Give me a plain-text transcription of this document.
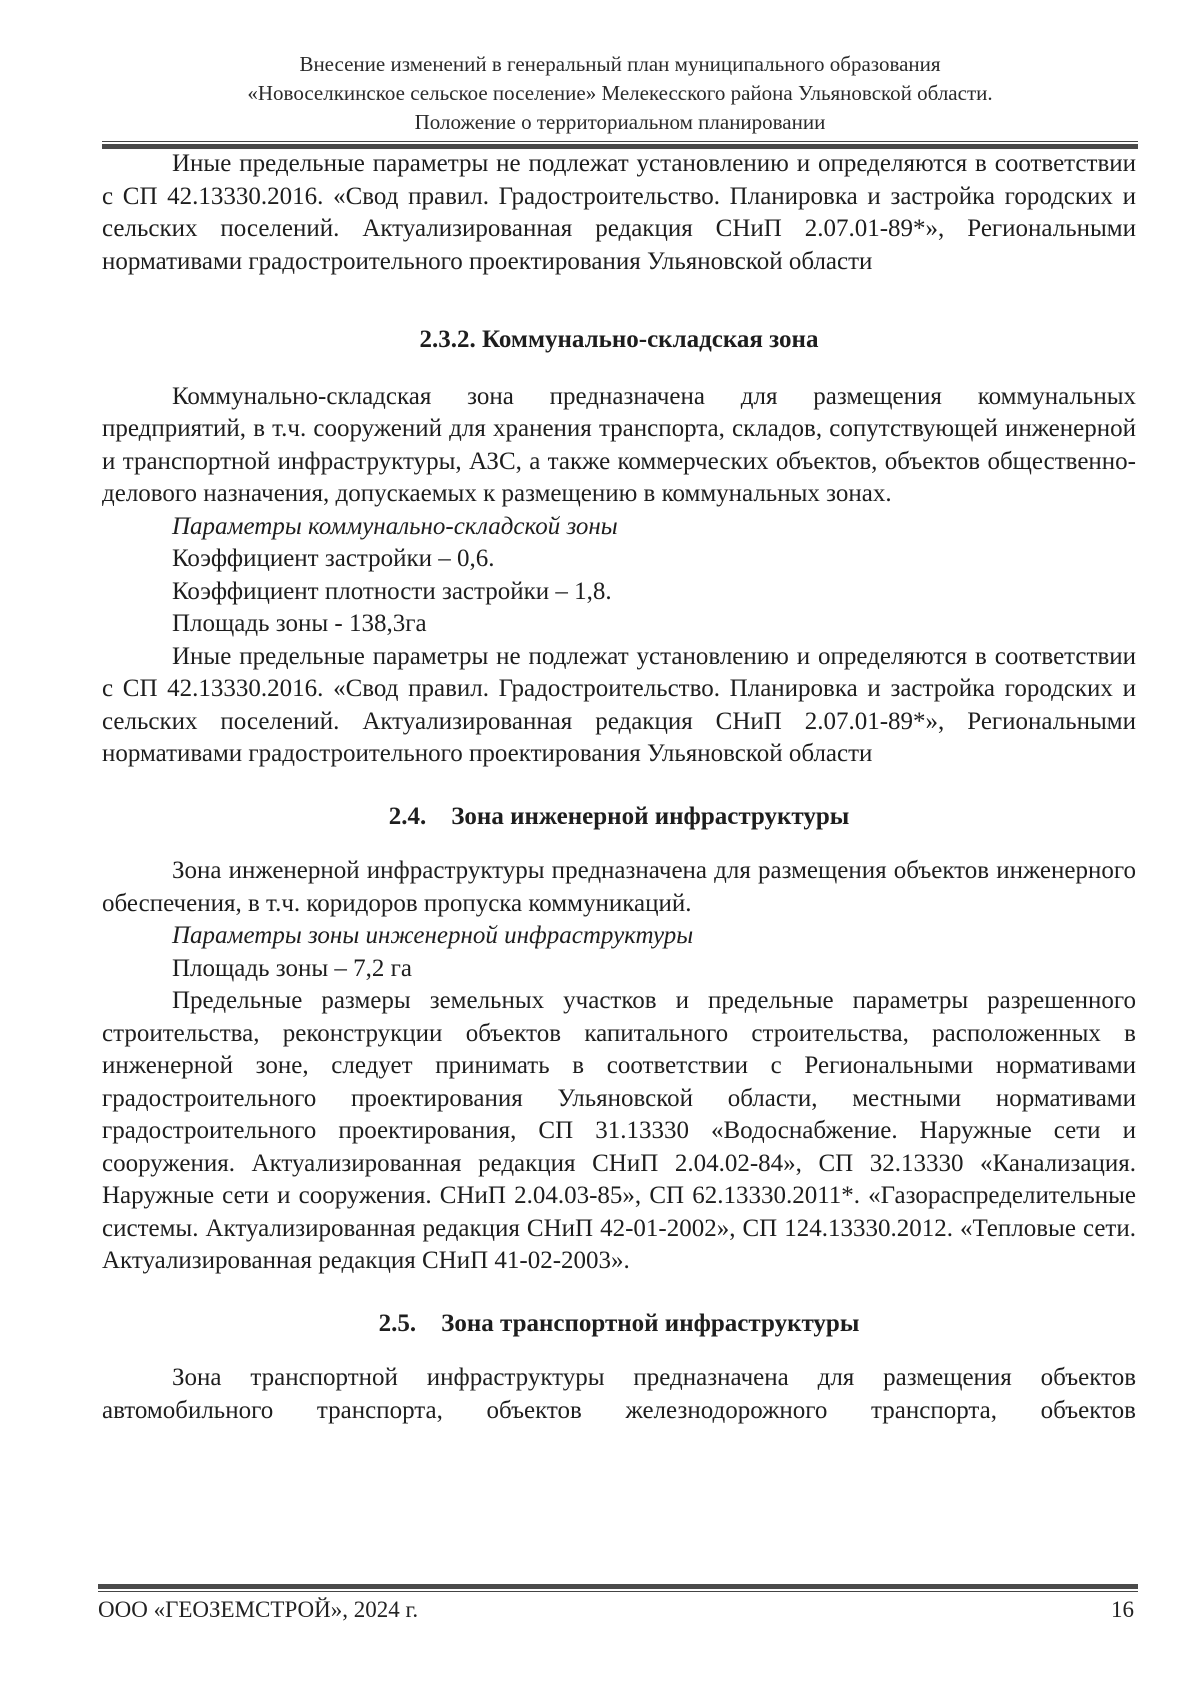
Внесение изменений в генеральный план муниципального образования
«Новоселкинское сельское поселение» Мелекесского района Ульяновской области.
Положение о территориальном планировании

Иные предельные параметры не подлежат установлению и определяются в соответствии с СП 42.13330.2016. «Свод правил. Градостроительство. Планировка и застройка городских и сельских поселений. Актуализированная редакция СНиП 2.07.01-89*», Региональными нормативами градостроительного проектирования Ульяновской области

2.3.2. Коммунально-складская зона

Коммунально-складская зона предназначена для размещения коммунальных предприятий, в т.ч. сооружений для хранения транспорта, складов, сопутствующей инженерной и транспортной инфраструктуры, АЗС, а также коммерческих объектов, объектов общественно-делового назначения, допускаемых к размещению в коммунальных зонах.

Параметры коммунально-складской зоны

Коэффициент застройки – 0,6.

Коэффициент плотности застройки – 1,8.

Площадь зоны - 138,3га

Иные предельные параметры не подлежат установлению и определяются в соответствии с СП 42.13330.2016. «Свод правил. Градостроительство. Планировка и застройка городских и сельских поселений. Актуализированная редакция СНиП 2.07.01-89*», Региональными нормативами градостроительного проектирования Ульяновской области

2.4.    Зона инженерной инфраструктуры

Зона инженерной инфраструктуры предназначена для размещения объектов инженерного обеспечения, в т.ч. коридоров пропуска коммуникаций.

Параметры зоны инженерной инфраструктуры

Площадь зоны – 7,2 га

Предельные размеры земельных участков и предельные параметры разрешенного строительства, реконструкции объектов капитального строительства, расположенных в инженерной зоне, следует принимать в соответствии с Региональными нормативами градостроительного проектирования Ульяновской области, местными нормативами градостроительного проектирования, СП 31.13330 «Водоснабжение. Наружные сети и сооружения. Актуализированная редакция СНиП 2.04.02-84», СП 32.13330 «Канализация. Наружные сети и сооружения. СНиП 2.04.03-85», СП 62.13330.2011*. «Газораспределительные системы. Актуализированная редакция СНиП 42-01-2002», СП 124.13330.2012. «Тепловые сети. Актуализированная редакция СНиП 41-02-2003».

2.5.    Зона транспортной инфраструктуры

Зона транспортной инфраструктуры предназначена для размещения объектов автомобильного транспорта, объектов железнодорожного транспорта, объектов

ООО «ГЕОЗЕМСТРОЙ», 2024 г.	16
